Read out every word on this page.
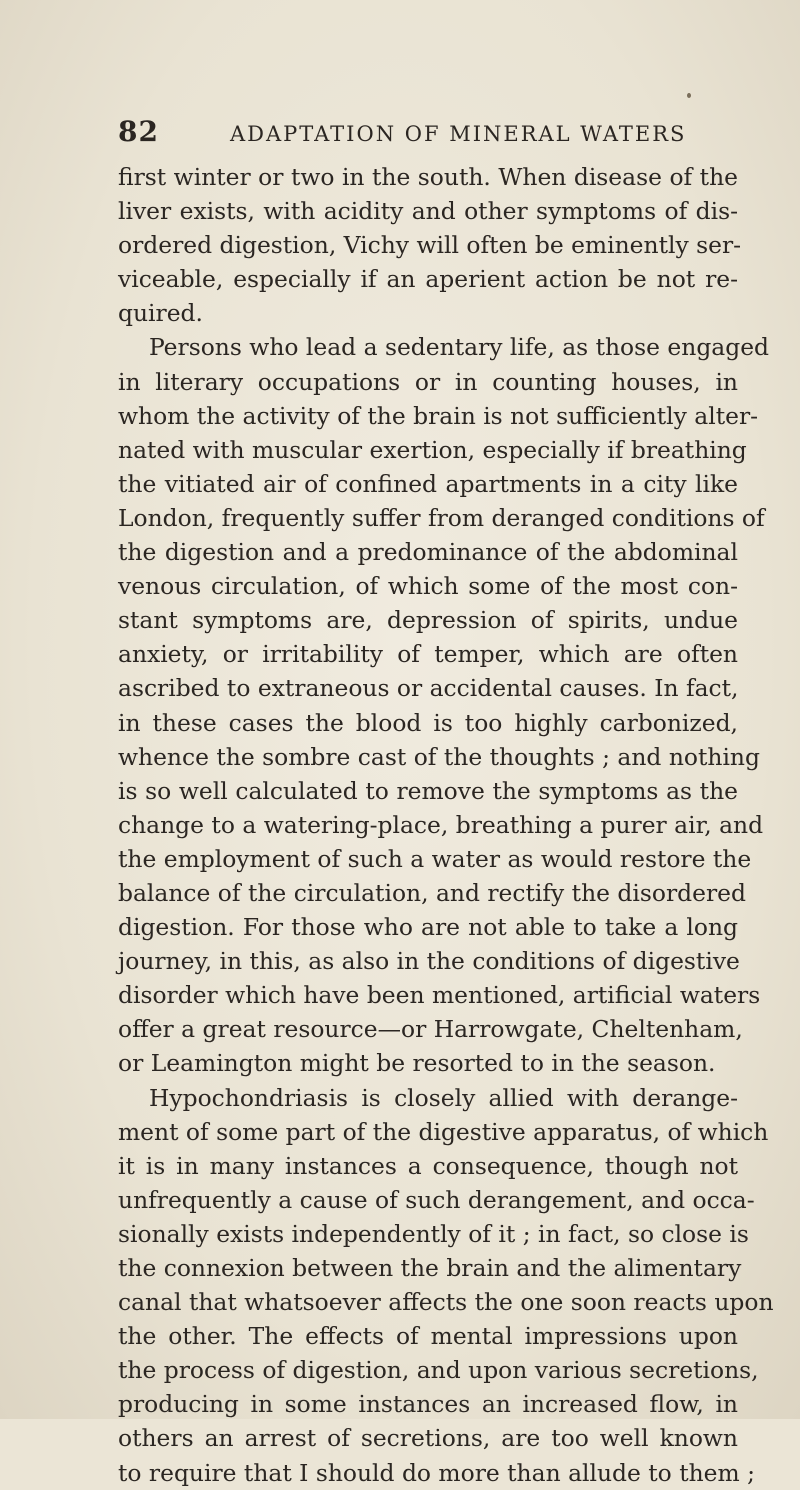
82	ADAPTATION OF MINERAL WATERS
first winter or two in the south. When disease of the
liver exists, with acidity and other symptoms of dis-
ordered digestion, Vichy will often be eminently ser-
viceable, especially if an aperient action be not re-
quired.
Persons who lead a sedentary life, as those engaged
in literary occupations or in counting houses, in
whom the activity of the brain is not sufficiently alter-
nated with muscular exertion, especially if breathing
the vitiated air of confined apartments in a city like
London, frequently suffer from deranged conditions of
the digestion and a predominance of the abdominal
venous circulation, of which some of the most con-
stant symptoms are, depression of spirits, undue
anxiety, or irritability of temper, which are often
ascribed to extraneous or accidental causes. In fact,
in these cases the blood is too highly carbonized,
whence the sombre cast of the thoughts ; and nothing
is so well calculated to remove the symptoms as the
change to a watering-place, breathing a purer air, and
the employment of such a water as would restore the
balance of the circulation, and rectify the disordered
digestion. For those who are not able to take a long
journey, in this, as also in the conditions of digestive
disorder which have been mentioned, artificial waters
offer a great resource—or Harrowgate, Cheltenham,
or Leamington might be resorted to in the season.
Hypochondriasis is closely allied with derange-
ment of some part of the digestive apparatus, of which
it is in many instances a consequence, though not
unfrequently a cause of such derangement, and occa-
sionally exists independently of it ; in fact, so close is
the connexion between the brain and the alimentary
canal that whatsoever affects the one soon reacts upon
the other. The effects of mental impressions upon
the process of digestion, and upon various secretions,
producing in some instances an increased flow, in
others an arrest of secretions, are too well known
to require that I should do more than allude to them ;
